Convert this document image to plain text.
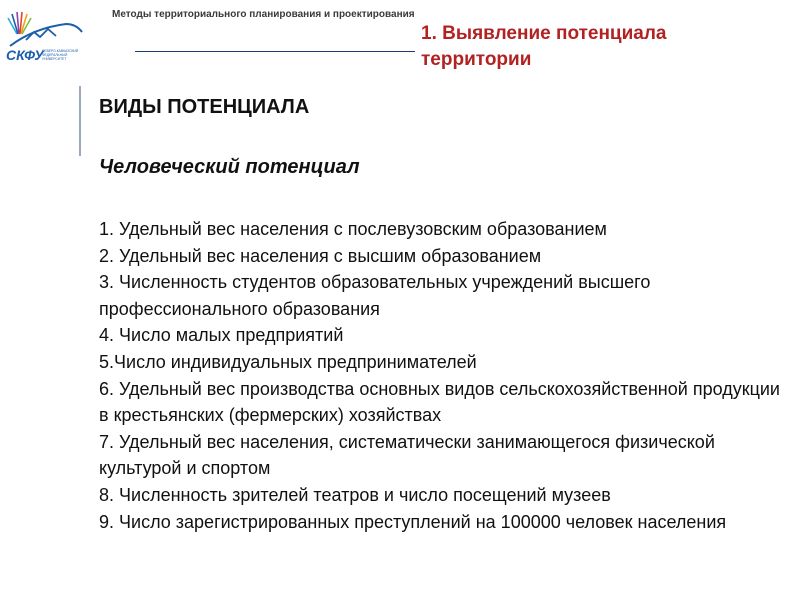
СКФУ
СЕВЕРО-КАВКАЗСКИЙ
ФЕДЕРАЛЬНЫЙ
УНИВЕРСИТЕТ
Методы территориального планирования и проектирования
1. Выявление потенциала территории
ВИДЫ ПОТЕНЦИАЛА
Человеческий потенциал
1. Удельный вес населения с послевузовским образованием
2. Удельный вес населения с высшим образованием
3. Численность студентов образовательных учреждений высшего профессионального образования
4. Число малых предприятий
5.Число индивидуальных предпринимателей
6. Удельный вес производства основных видов сельскохозяйственной продукции в крестьянских (фермерских) хозяйствах
7. Удельный вес населения, систематически занимающегося физической культурой и спортом
8. Численность зрителей театров и число посещений музеев
9. Число зарегистрированных преступлений на 100000 человек населения
